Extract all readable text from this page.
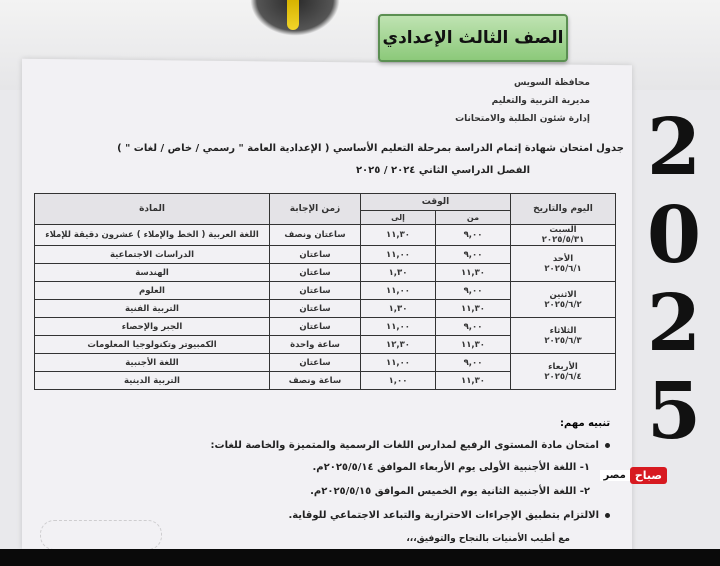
الصف الثالث الإعدادي
2
0
2
5
محافظة السويس
مديرية التربية والتعليم
إدارة شئون الطلبة والامتحانات
جدول امتحان شهادة إتمام الدراسة بمرحلة التعليم الأساسي ( الإعدادية العامة " رسمي / خاص / لغات " )
الفصل الدراسي الثاني ٢٠٢٤ / ٢٠٢٥
اليوم والتاريخ	الوقت		زمن الإجابة	المادة
	من	إلى		

السبت
٢٠٢٥/٥/٣١	٩,٠٠	١١,٣٠	ساعتان ونصف	اللغة العربية ( الخط والإملاء ) عشرون دقيقة للإملاء

الأحد
٢٠٢٥/٦/١	٩,٠٠	١١,٠٠	ساعتان	الدراسات الاجتماعية
	١١,٣٠	١,٣٠	ساعتان	الهندسة

الاثنين
٢٠٢٥/٦/٢	٩,٠٠	١١,٠٠	ساعتان	العلوم
	١١,٣٠	١,٣٠	ساعتان	التربية الفنية

الثلاثاء
٢٠٢٥/٦/٣	٩,٠٠	١١,٠٠	ساعتان	الجبر والإحصاء
	١١,٣٠	١٢,٣٠	ساعة واحدة	الكمبيوتر وتكنولوجيا المعلومات

الأربعاء
٢٠٢٥/٦/٤	٩,٠٠	١١,٠٠	ساعتان	اللغة الأجنبية
	١١,٣٠	١,٠٠	ساعة ونصف	التربية الدينية
تنبيه مهم:
امتحان مادة المستوى الرفيع لمدارس اللغات الرسمية والمتميزة والخاصة للغات:
١- اللغة الأجنبية الأولى يوم الأربعاء الموافق ٢٠٢٥/٥/١٤م.
٢- اللغة الأجنبية الثانية يوم الخميس الموافق ٢٠٢٥/٥/١٥م.
الالتزام بتطبيق الإجراءات الاحترازية والتباعد الاجتماعي للوقاية.
مع أطيب الأمنيات بالنجاح والتوفيق،،،
صباح
مصر
